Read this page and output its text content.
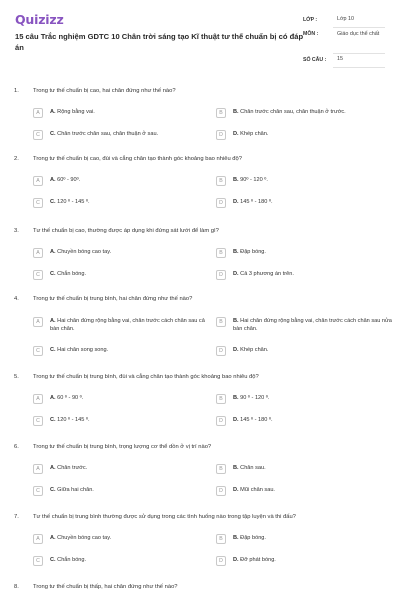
Quizizz
15 câu Trắc nghiệm GDTC 10 Chân trời sáng tạo Kĩ thuật tư thế chuẩn bị có đáp án
LỚP :	Lớp 10
MÔN :	Giáo dục thể chất
SỐ CÂU : 15
1. Trong tư thế chuẩn bị cao, hai chân đứng như thế nào?
A	A. Rộng bằng vai.	B	B. Chân trước chân sau, chân thuận ở trước.
C	C. Chân trước chân sau, chân thuận ở sau.	D	D. Khép chân.
2. Trong tư thế chuẩn bị cao, đùi và cẳng chân tạo thành góc khoảng bao nhiêu độ?
A	A. 60º - 90º.	B	B. 90º - 120 º.
C	C. 120 º - 145 º.	D	D. 145 º - 180 º.
3. Tư thế chuẩn bị cao, thường được áp dụng khi đứng sát lưới để làm gì?
A	A. Chuyền bóng cao tay.	B	B. Đập bóng.
C	C. Chắn bóng.	D	D. Cả 3 phương án trên.
4. Trong tư thế chuẩn bị trung bình, hai chân đứng như thế nào?
A	A. Hai chân đứng rộng bằng vai, chân trước cách chân sau cả bàn chân.
B	B. Hai chân đứng rộng bằng vai, chân trước cách chân sau nửa bàn chân.
C	C. Hai chân song song.	D	D. Khép chân.
5. Trong tư thế chuẩn bị trung bình, đùi và cẳng chân tạo thành góc khoảng bao nhiêu độ?
A	A. 60 º - 90 º.	B	B. 90 º - 120 º.
C	C. 120 º - 145 º.	D	D. 145 º - 180 º.
6. Trong tư thế chuẩn bị trung bình, trọng lượng cơ thể dồn ở vị trí nào?
A	A. Chân trước.	B	B. Chân sau.
C	C. Giữa hai chân.	D	D. Mũi chân sau.
7. Tư thế chuẩn bị trung bình thường được sử dụng trong các tình huống nào trong tập luyện và thi đấu?
A	A. Chuyền bóng cao tay.	B	B. Đập bóng.
C	C. Chắn bóng.	D	D. Đỡ phát bóng.
8. Trong tư thế chuẩn bị thấp, hai chân đứng như thế nào?
